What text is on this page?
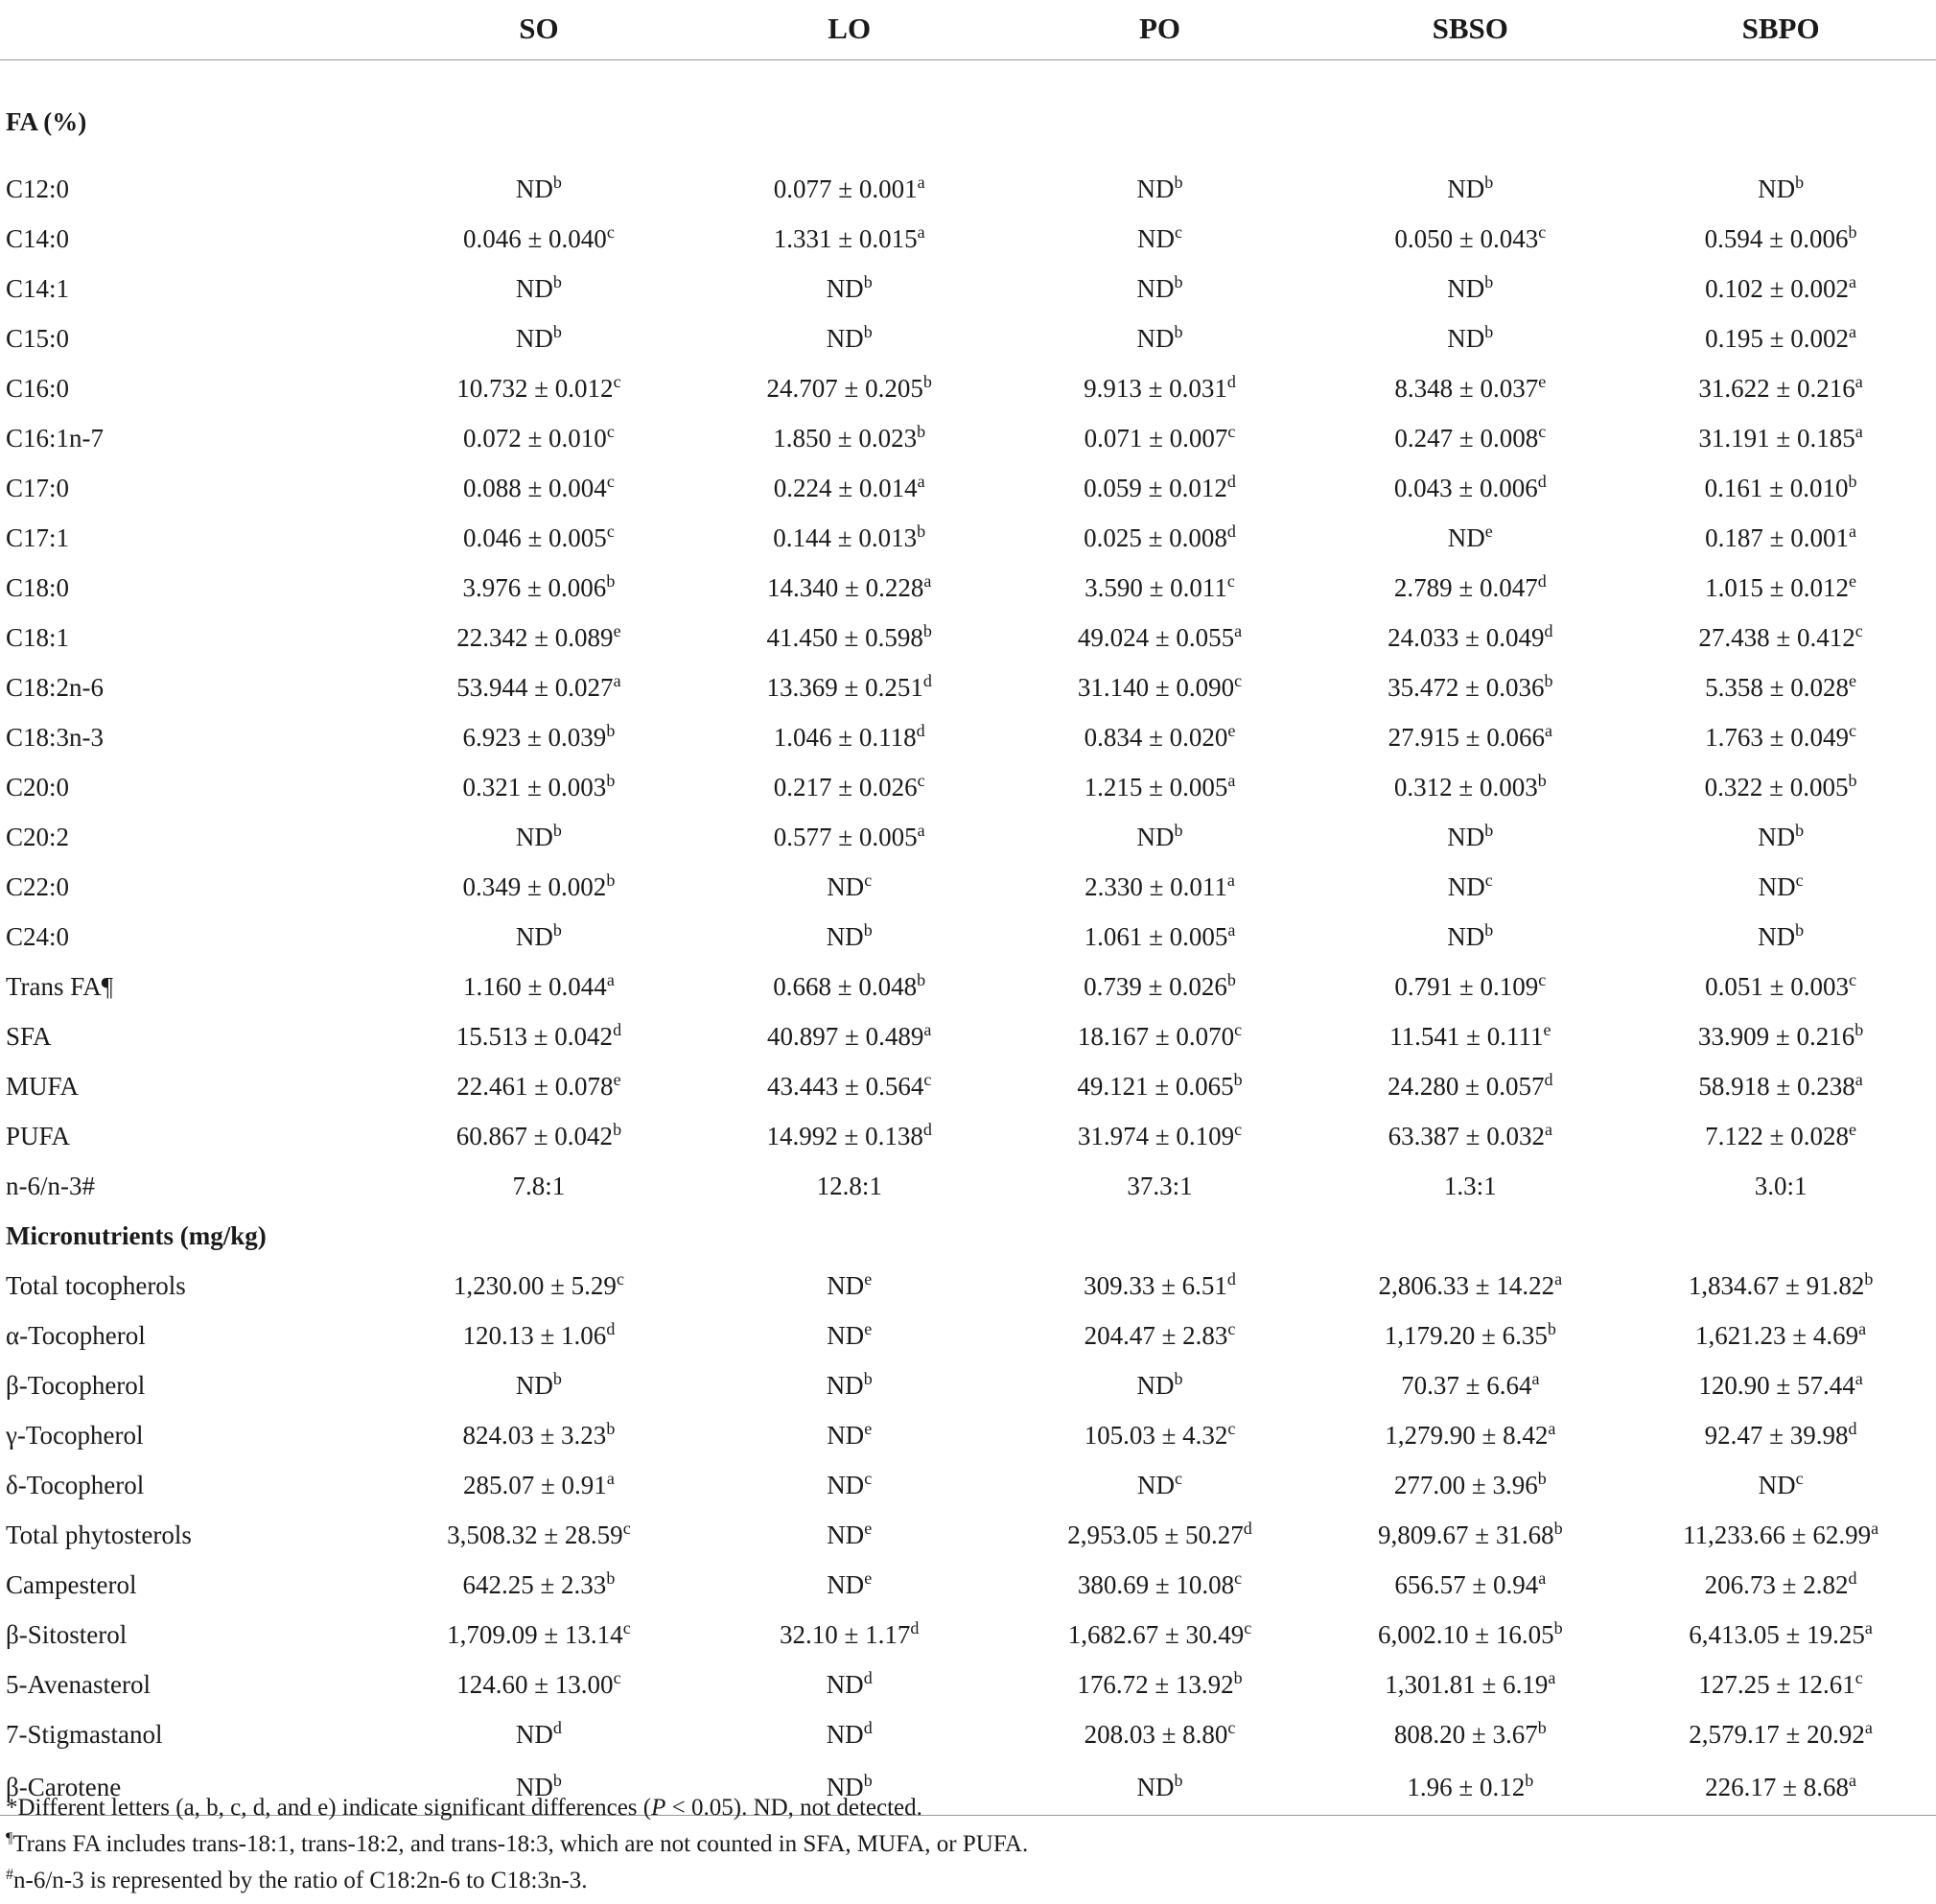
	SO	LO	PO	SBSO	SBPO
FA (%)					
C12:0	$ND^b$	0.077 ± 0.001$^a$	$ND^b$	$ND^b$	$ND^b$
C14:0	0.046 ± 0.040$^c$	1.331 ± 0.015$^a$	$ND^c$	0.050 ± 0.043$^c$	0.594 ± 0.006$^b$
C14:1	$ND^b$	$ND^b$	$ND^b$	$ND^b$	0.102 ± 0.002$^a$
C15:0	$ND^b$	$ND^b$	$ND^b$	$ND^b$	0.195 ± 0.002$^a$
C16:0	10.732 ± 0.012$^c$	24.707 ± 0.205$^b$	9.913 ± 0.031$^d$	8.348 ± 0.037$^e$	31.622 ± 0.216$^a$
C16:1n-7	0.072 ± 0.010$^c$	1.850 ± 0.023$^b$	0.071 ± 0.007$^c$	0.247 ± 0.008$^c$	31.191 ± 0.185$^a$
C17:0	0.088 ± 0.004$^c$	0.224 ± 0.014$^a$	0.059 ± 0.012$^d$	0.043 ± 0.006$^d$	0.161 ± 0.010$^b$
C17:1	0.046 ± 0.005$^c$	0.144 ± 0.013$^b$	0.025 ± 0.008$^d$	$ND^e$	0.187 ± 0.001$^a$
C18:0	3.976 ± 0.006$^b$	14.340 ± 0.228$^a$	3.590 ± 0.011$^c$	2.789 ± 0.047$^d$	1.015 ± 0.012$^e$
C18:1	22.342 ± 0.089$^e$	41.450 ± 0.598$^b$	49.024 ± 0.055$^a$	24.033 ± 0.049$^d$	27.438 ± 0.412$^c$
C18:2n-6	53.944 ± 0.027$^a$	13.369 ± 0.251$^d$	31.140 ± 0.090$^c$	35.472 ± 0.036$^b$	5.358 ± 0.028$^e$
C18:3n-3	6.923 ± 0.039$^b$	1.046 ± 0.118$^d$	0.834 ± 0.020$^e$	27.915 ± 0.066$^a$	1.763 ± 0.049$^c$
C20:0	0.321 ± 0.003$^b$	0.217 ± 0.026$^c$	1.215 ± 0.005$^a$	0.312 ± 0.003$^b$	0.322 ± 0.005$^b$
C20:2	$ND^b$	0.577 ± 0.005$^a$	$ND^b$	$ND^b$	$ND^b$
C22:0	0.349 ± 0.002$^b$	$ND^c$	2.330 ± 0.011$^a$	$ND^c$	$ND^c$
C24:0	$ND^b$	$ND^b$	1.061 ± 0.005$^a$	$ND^b$	$ND^b$
Trans FA¶	1.160 ± 0.044$^a$	0.668 ± 0.048$^b$	0.739 ± 0.026$^b$	0.791 ± 0.109$^c$	0.051 ± 0.003$^c$
SFA	15.513 ± 0.042$^d$	40.897 ± 0.489$^a$	18.167 ± 0.070$^c$	11.541 ± 0.111$^e$	33.909 ± 0.216$^b$
MUFA	22.461 ± 0.078$^e$	43.443 ± 0.564$^c$	49.121 ± 0.065$^b$	24.280 ± 0.057$^d$	58.918 ± 0.238$^a$
PUFA	60.867 ± 0.042$^b$	14.992 ± 0.138$^d$	31.974 ± 0.109$^c$	63.387 ± 0.032$^a$	7.122 ± 0.028$^e$
n-6/n-3#	7.8:1	12.8:1	37.3:1	1.3:1	3.0:1
Micronutrients (mg/kg)					
Total tocopherols	1,230.00 ± 5.29$^c$	$ND^e$	309.33 ± 6.51$^d$	2,806.33 ± 14.22$^a$	1,834.67 ± 91.82$^b$
α-Tocopherol	120.13 ± 1.06$^d$	$ND^e$	204.47 ± 2.83$^c$	1,179.20 ± 6.35$^b$	1,621.23 ± 4.69$^a$
β-Tocopherol	$ND^b$	$ND^b$	$ND^b$	70.37 ± 6.64$^a$	120.90 ± 57.44$^a$
γ-Tocopherol	824.03 ± 3.23$^b$	$ND^e$	105.03 ± 4.32$^c$	1,279.90 ± 8.42$^a$	92.47 ± 39.98$^d$
δ-Tocopherol	285.07 ± 0.91$^a$	$ND^c$	$ND^c$	277.00 ± 3.96$^b$	$ND^c$
Total phytosterols	3,508.32 ± 28.59$^c$	$ND^e$	2,953.05 ± 50.27$^d$	9,809.67 ± 31.68$^b$	11,233.66 ± 62.99$^a$
Campesterol	642.25 ± 2.33$^b$	$ND^e$	380.69 ± 10.08$^c$	656.57 ± 0.94$^a$	206.73 ± 2.82$^d$
β-Sitosterol	1,709.09 ± 13.14$^c$	32.10 ± 1.17$^d$	1,682.67 ± 30.49$^c$	6,002.10 ± 16.05$^b$	6,413.05 ± 19.25$^a$
5-Avenasterol	124.60 ± 13.00$^c$	$ND^d$	176.72 ± 13.92$^b$	1,301.81 ± 6.19$^a$	127.25 ± 12.61$^c$
7-Stigmastanol	$ND^d$	$ND^d$	208.03 ± 8.80$^c$	808.20 ± 3.67$^b$	2,579.17 ± 20.92$^a$
β-Carotene	$ND^b$	$ND^b$	$ND^b$	1.96 ± 0.12$^b$	226.17 ± 8.68$^a$
*Different letters (a, b, c, d, and e) indicate significant differences (P < 0.05). ND, not detected.
¶Trans FA includes trans-18:1, trans-18:2, and trans-18:3, which are not counted in SFA, MUFA, or PUFA.
#n-6/n-3 is represented by the ratio of C18:2n-6 to C18:3n-3.
